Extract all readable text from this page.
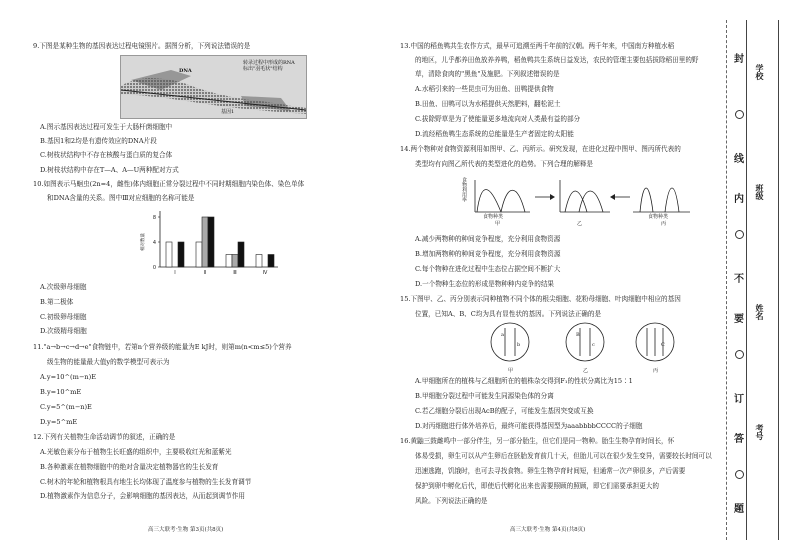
9.下图是某种生物的基因表达过程电镜照片。据图分析，下列说法错误的是
DNA
转录过程中形成的RNA
标出"羽毛状"结构
基因1
A.图示基因表达过程可发生于大肠杆菌细胞中
B.基因1和2均是有遗传效应的DNA片段
C.树枝状结构中不存在核酸与蛋白质的复合体
D.树枝状结构中存在T—A、A—U两种配对方式
10.如图表示马蛔虫(2n=4，雌性)体内细胞正常分裂过程中不同时期细胞内染色体、染色单体
和DNA含量的关系。图中Ⅲ对应细胞的名称可能是
0
4
8
相对数量
Ⅰ	Ⅱ	Ⅲ	Ⅳ
A.次级卵母细胞
B.第二极体
C.初级卵母细胞
D.次级精母细胞
11."a→b→c→d→e"食物链中，若第n个营养级的能量为E kJ时，则第m(n<m≤5)个营养
级生物的能量最大值y的数学模型可表示为
A.y=10^(m−n)E
B.y=10^mE
C.y=5^(m−n)E
D.y=5^mE
12.下列有关植物生命活动调节的叙述，正确的是
A.光敏色素分布于植物生长旺盛的组织中，主要吸收红光和蓝紫光
B.各种激素在植物细胞中的绝对含量决定植物器官的生长发育
C.树木的年轮和植物根具有地生长均体现了温度参与植物的生长发育调节
D.植物激素作为信息分子，会影响细胞的基因表达，从而起到调节作用
高三大联考·生物 第3页(共8页)
13.中国的稻鱼鸭共生农作方式，最早可追溯至两千年前的汉朝。两千年来，中国南方种植水稻
的地区，儿乎都养田鱼放养养鸭，稻鱼鸭共生系统日益发达，农民的管理主要包括拔除稻田里的野
草，清除食肉的"黑鱼"及施肥。下列叙述错误的是
A.水稻引来的一些昆虫可为田鱼、田鸭提供食物
B.田鱼、田鸭可以为水稻提供天然肥料，翻松泥土
C.拔除野草是为了使能量更多地流向对人类最有益的部分
D.流经稻鱼鸭生态系统的总能量是生产者固定的太阳能
14.两个物种对食物资源利用如图甲、乙、丙所示。研究发现，在进化过程中图甲、图丙所代表的
类型均有向图乙所代表的类型进化的趋势。下列合理的解释是
食物利用率
食物种类
甲	乙
食物种类
丙
A.减少两物种的种间竞争程度，充分利用食物资源
B.增加两物种的种间竞争程度，充分利用食物资源
C.每个物种在进化过程中生态位占据空间不断扩大
D.一个物种生态位的形成是物种种内竞争的结果
15.下图甲、乙、丙分别表示同种植物不同个体的根尖细胞、花粉母细胞、叶肉细胞中相应的基因
位置，已知A、B、C均为具有显性状的基因。下列说法正确的是
a
b
B
c	C
甲	乙	丙
A.甲细胞所在的植株与乙细胞所在的植株杂交得到F₁的性状分离比为15∶1
B.甲细胞分裂过程中可能发生同源染色体的分离
C.若乙细胞分裂后出现AcB的配子，可能发生基因突变或互换
D.对丙细胞进行体外培养后，最终可能获得基因型为aaabbbbCCCC的子细胞
16.黄鼬三鼓雌鸣中一部分伴生，另一部分胎生，但它们是同一物种。胎生生物孕育时间长，怀
体易受损，卵生可以从产生卵后在胚胎发育前几十天，但胎儿可以在很少发生变异，需要较长时间可以
迅速逃跑，饥饿时，也可去寻找食物。卵生生物孕育时间短，但通常一次产卵很多，产后需要
保护到卵中孵化后代，即使后代孵化出来也需要照顾的照顾，即它们需要承担更大的
风险。下列说法正确的是
高三大联考·生物 第4页(共8页)
封
线
内
不
要
订
答
题
学校
班级
姓名
考号
